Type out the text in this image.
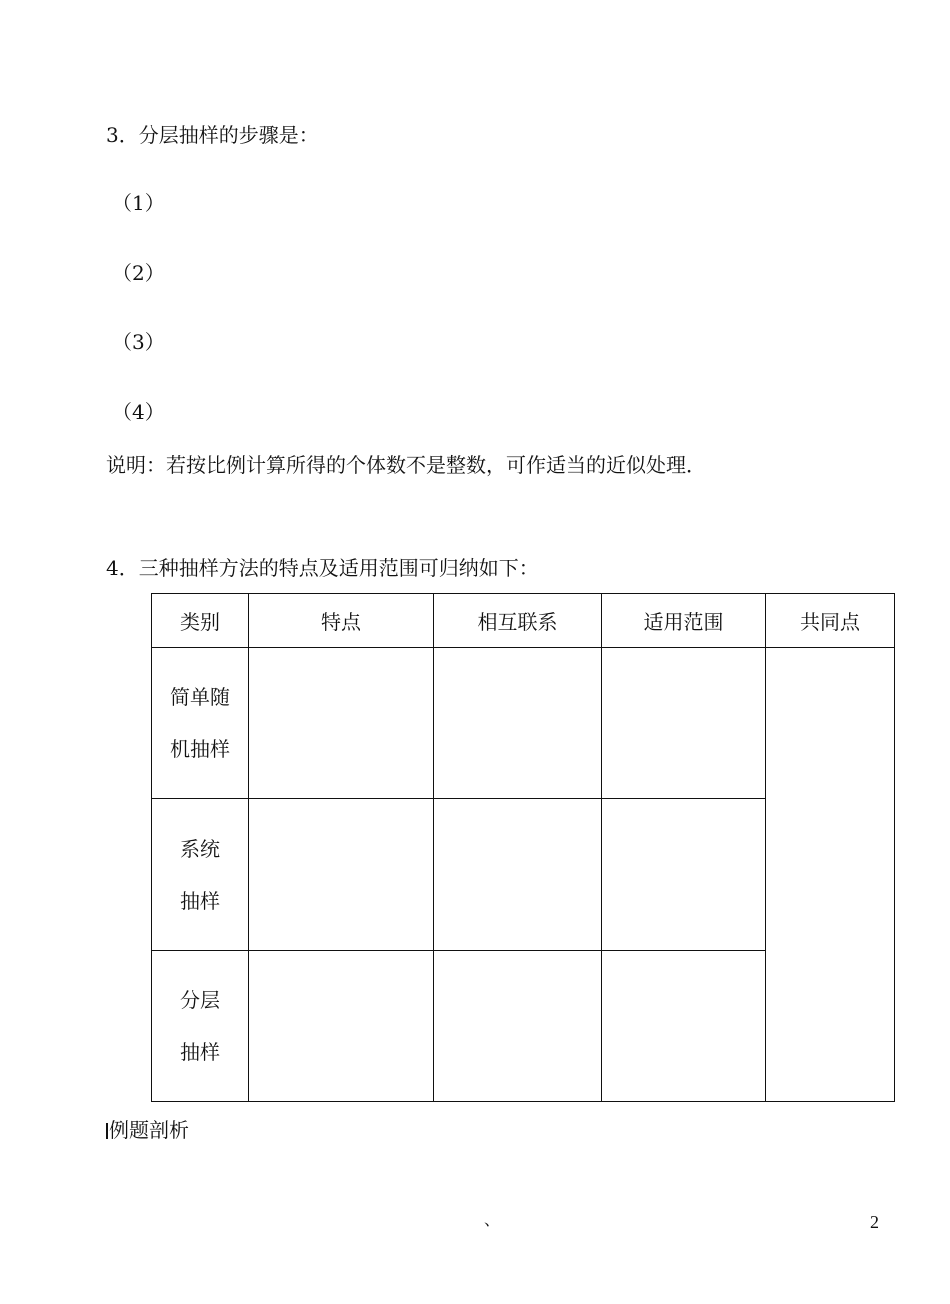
3．分层抽样的步骤是：
（1）
（2）
（3）
（4）
说明：若按比例计算所得的个体数不是整数，可作适当的近似处理．
4．三种抽样方法的特点及适用范围可归纳如下：
类别	特点	相互联系	适用范围	共同点
简单随机抽样				
系统抽样				
分层抽样				
例题剖析
、	2
